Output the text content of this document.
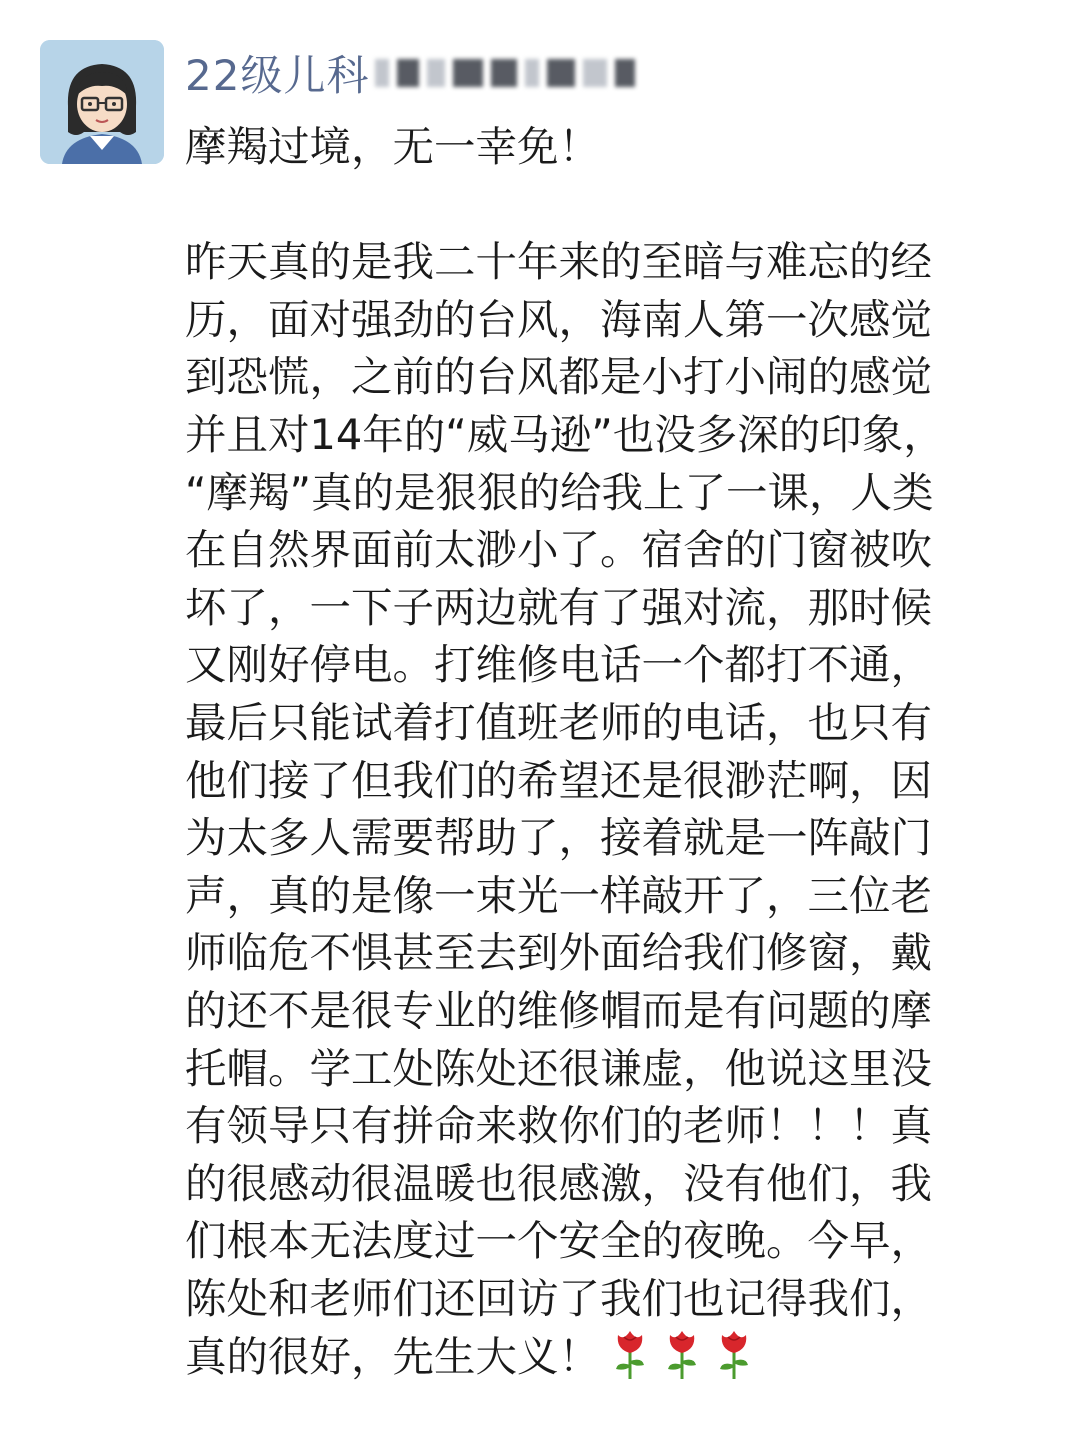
22级儿科
摩羯过境，无一幸免！
昨天真的是我二十年来的至暗与难忘的经
历，面对强劲的台风，海南人第一次感觉
到恐慌，之前的台风都是小打小闹的感觉
并且对14年的“威马逊”也没多深的印象，
“摩羯”真的是狠狠的给我上了一课，人类
在自然界面前太渺小了。宿舍的门窗被吹
坏了，一下子两边就有了强对流，那时候
又刚好停电。打维修电话一个都打不通，
最后只能试着打值班老师的电话，也只有
他们接了但我们的希望还是很渺茫啊，因
为太多人需要帮助了，接着就是一阵敲门
声，真的是像一束光一样敲开了，三位老
师临危不惧甚至去到外面给我们修窗，戴
的还不是很专业的维修帽而是有问题的摩
托帽。学工处陈处还很谦虚，他说这里没
有领导只有拼命来救你们的老师！！！真
的很感动很温暖也很感激，没有他们，我
们根本无法度过一个安全的夜晚。今早，
陈处和老师们还回访了我们也记得我们，
真的很好，先生大义！
